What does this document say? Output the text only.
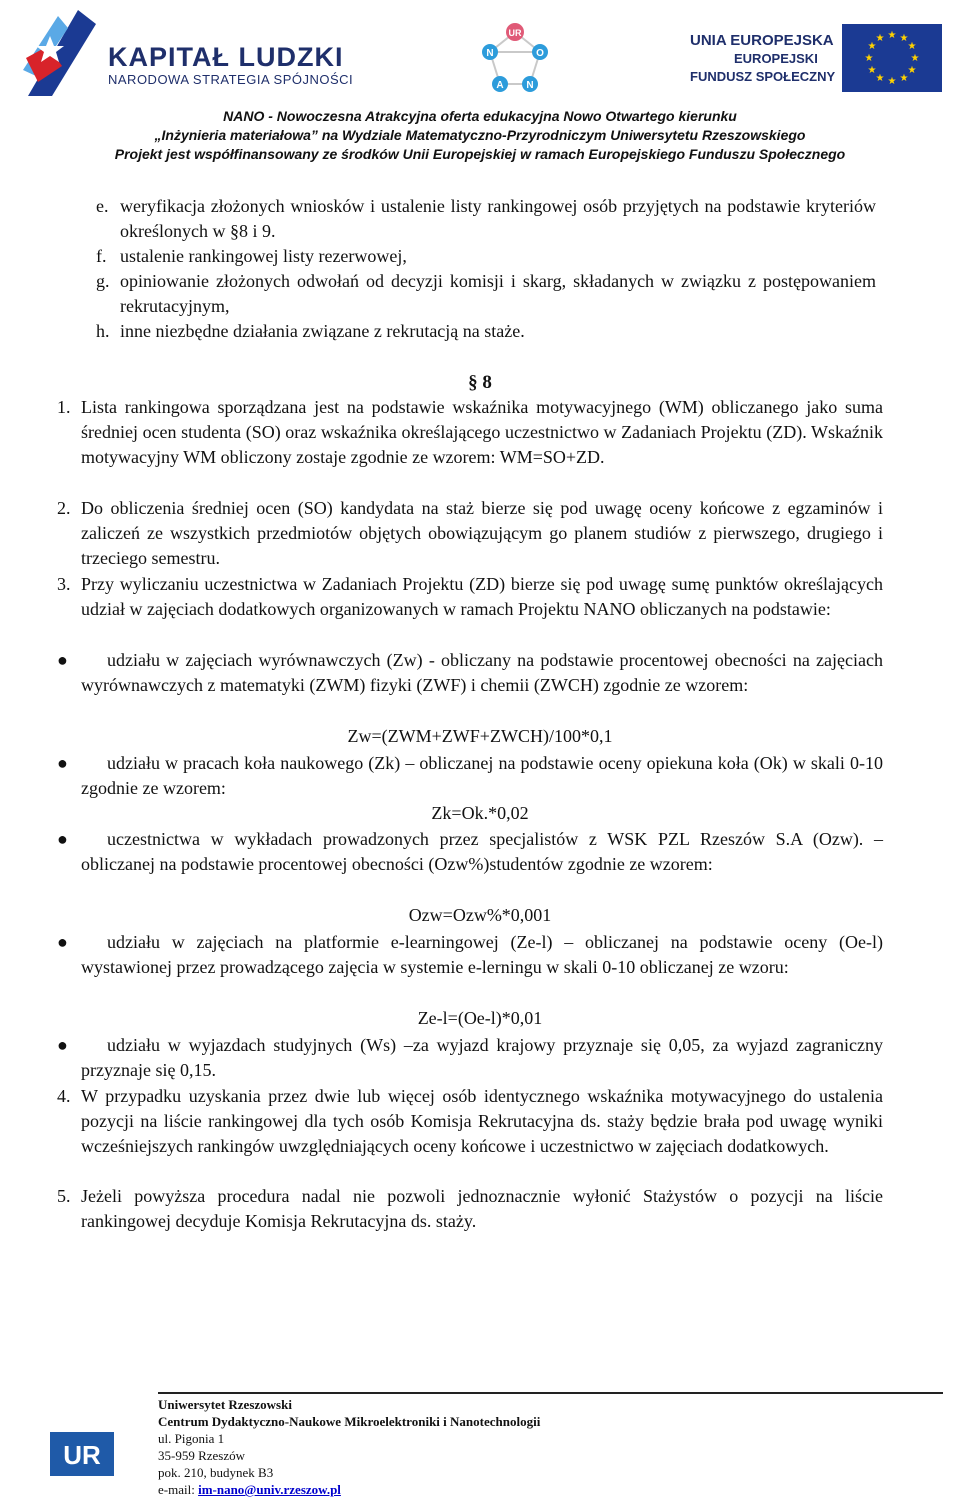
KAPITAŁ LUDZKI
NARODOWA STRATEGIA SPÓJNOŚCI
UR
N	O
A N
UNIA EUROPEJSKA
EUROPEJSKI
FUNDUSZ SPOŁECZNY
★ ★
★
★
★
★
★
★
★
★
★
★
NANO - Nowoczesna Atrakcyjna oferta edukacyjna Nowo Otwartego kierunku
„Inżynieria materiałowa” na Wydziale Matematyczno-Przyrodniczym Uniwersytetu Rzeszowskiego
Projekt jest współfinansowany ze środków Unii Europejskiej w ramach Europejskiego Funduszu Społecznego
e. weryfikacja złożonych wniosków i ustalenie listy rankingowej osób przyjętych na podstawie kryteriów określonych w §8 i 9.
f. ustalenie rankingowej listy rezerwowej,
g. opiniowanie złożonych odwołań od decyzji komisji i skarg, składanych w związku z postępowaniem rekrutacyjnym,
h. inne niezbędne działania związane z rekrutacją na staże.
§ 8
1. Lista rankingowa sporządzana jest na podstawie wskaźnika motywacyjnego (WM) obliczanego jako suma średniej ocen studenta (SO) oraz wskaźnika określającego uczestnictwo w Zadaniach Projektu (ZD). Wskaźnik motywacyjny WM obliczony zostaje zgodnie ze wzorem: WM=SO+ZD.
2. Do obliczenia średniej ocen (SO) kandydata na staż bierze się pod uwagę oceny końcowe z egzaminów i zaliczeń ze wszystkich przedmiotów objętych obowiązującym go planem studiów z pierwszego, drugiego i trzeciego semestru.
3. Przy wyliczaniu uczestnictwa w Zadaniach Projektu (ZD) bierze się pod uwagę sumę punktów określających udział w zajęciach dodatkowych organizowanych w ramach Projektu NANO obliczanych na podstawie:
●	udziału w zajęciach wyrównawczych (Zw) - obliczany na podstawie procentowej obecności na zajęciach wyrównawczych z matematyki (ZWM) fizyki (ZWF) i chemii (ZWCH) zgodnie ze wzorem:
Zw=(ZWM+ZWF+ZWCH)/100*0,1
●	udziału w pracach koła naukowego (Zk) – obliczanej na podstawie oceny opiekuna koła (Ok) w skali 0-10 zgodnie ze wzorem:
Zk=Ok.*0,02
●	uczestnictwa w wykładach prowadzonych przez specjalistów z WSK PZL Rzeszów S.A (Ozw). – obliczanej na podstawie procentowej obecności (Ozw%)studentów zgodnie ze wzorem:
Ozw=Ozw%*0,001
●	udziału w zajęciach na platformie e-learningowej (Ze-l) – obliczanej na podstawie oceny (Oe-l) wystawionej przez prowadzącego zajęcia w systemie e-lerningu w skali 0-10 obliczanej ze wzoru:
Ze-l=(Oe-l)*0,01
●	udziału w wyjazdach studyjnych (Ws) –za wyjazd krajowy przyznaje się 0,05, za wyjazd zagraniczny przyznaje się 0,15.
4. W przypadku uzyskania przez dwie lub więcej osób identycznego wskaźnika motywacyjnego do ustalenia pozycji na liście rankingowej dla tych osób Komisja Rekrutacyjna ds. staży będzie brała pod uwagę wyniki wcześniejszych rankingów uwzględniających oceny końcowe i uczestnictwo w zajęciach dodatkowych.
5. Jeżeli powyższa procedura nadal nie pozwoli jednoznacznie wyłonić Stażystów o pozycji na liście rankingowej decyduje Komisja Rekrutacyjna ds. staży.
UR
Uniwersytet Rzeszowski
Centrum Dydaktyczno-Naukowe Mikroelektroniki i Nanotechnologii
ul. Pigonia 1
35-959 Rzeszów
pok. 210, budynek B3
e-mail: im-nano@univ.rzeszow.pl
